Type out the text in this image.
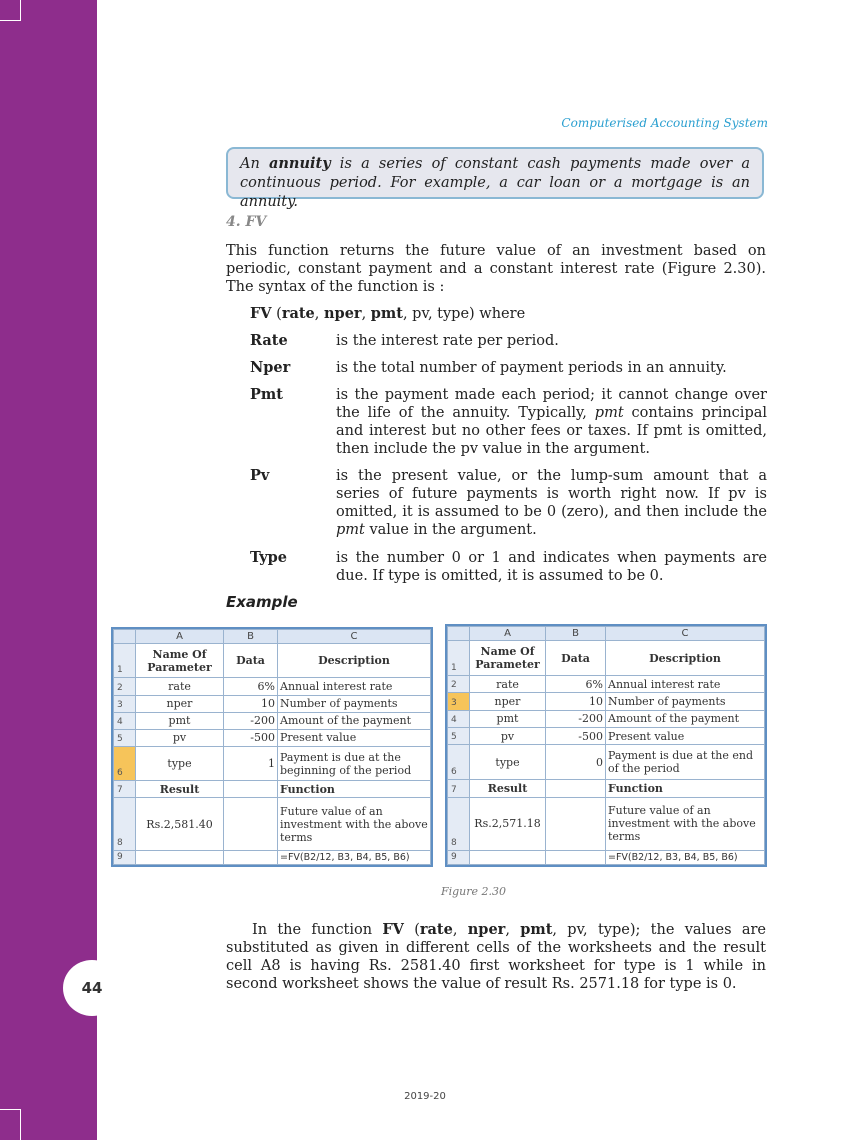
44
Computerised Accounting System
An annuity is a series of constant cash payments made over a continuous period. For example, a car loan or a mortgage is an annuity.
4. FV
This function returns the future value of an investment based on periodic, constant payment and a constant interest rate (Figure 2.30). The syntax of the function is :
FV (rate, nper, pmt, pv, type) where
Rate	is the interest rate per period.
Nper	is the total number of payment periods in an annuity.
Pmt	is the payment made each period; it cannot change over the life of the annuity. Typically, pmt contains principal and interest but no other fees or taxes. If pmt is omitted, then include the pv value in the argument.
Pv	is the present value, or the lump-sum amount that a series of future payments is worth right now. If pv is omitted, it is assumed to be 0 (zero), and then include the pmt value in the argument.
Type	is the number 0 or 1 and indicates when payments are due. If type is omitted, it is assumed to be 0.
Example
	A	B	C
1	Name Of Parameter	Data	Description
2	rate	6%	Annual interest rate
3	nper	10	Number of payments
4	pmt	-200	Amount of the payment
5	pv	-500	Present value
6	type	1	Payment is due at the beginning of the period
7	Result		Function
8	Rs.2,581.40		Future value of an investment with the above terms
9			=FV(B2/12, B3, B4, B5, B6)
	A	B	C
1	Name Of Parameter	Data	Description
2	rate	6%	Annual interest rate
3	nper	10	Number of payments
4	pmt	-200	Amount of the payment
5	pv	-500	Present value
6	type	0	Payment is due at the end of the period
7	Result		Function
8	Rs.2,571.18		Future value of an investment with the above terms
9			=FV(B2/12, B3, B4, B5, B6)
Figure 2.30
In the function FV (rate, nper, pmt, pv, type); the values are substituted as given in different cells of the worksheets and the result cell A8 is having Rs. 2581.40 first worksheet for type is 1 while in second worksheet shows the value of result Rs. 2571.18 for type is 0.
2019-20
